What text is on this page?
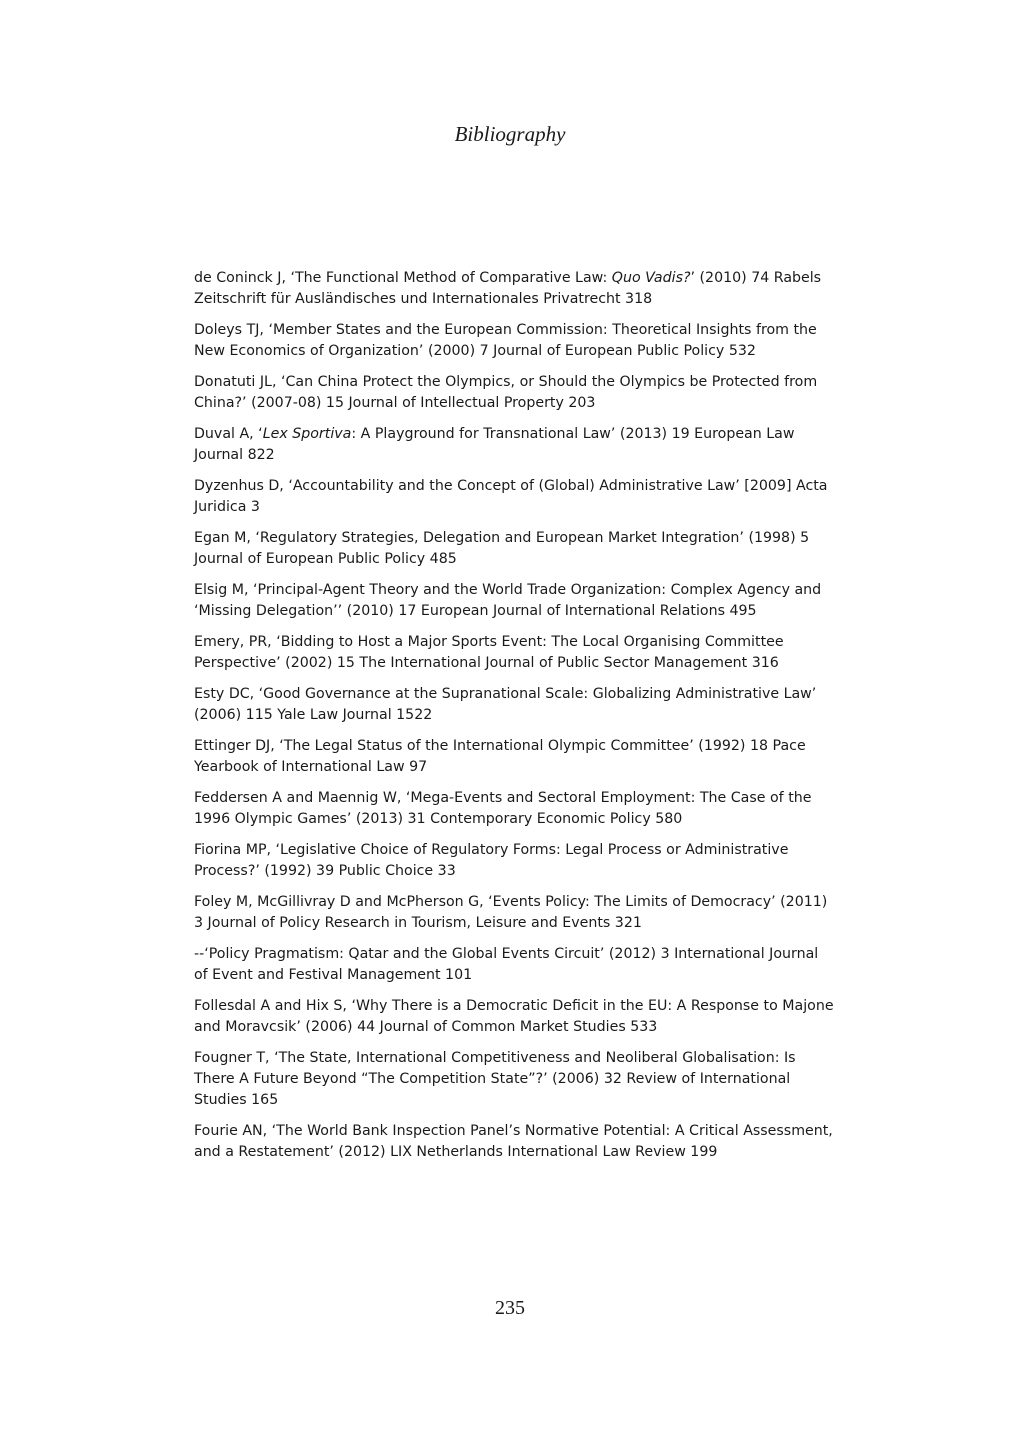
Bibliography

de Coninck J, ‘The Functional Method of Comparative Law: Quo Vadis?’ (2010) 74 Rabels Zeitschrift für Ausländisches und Internationales Privatrecht 318

Doleys TJ, ‘Member States and the European Commission: Theoretical Insights from the New Economics of Organization’ (2000) 7 Journal of European Public Policy 532

Donatuti JL, ‘Can China Protect the Olympics, or Should the Olympics be Protected from China?’ (2007-08) 15 Journal of Intellectual Property 203

Duval A, ‘Lex Sportiva: A Playground for Transnational Law’ (2013) 19 European Law Journal 822

Dyzenhus D, ‘Accountability and the Concept of (Global) Administrative Law’ [2009] Acta Juridica 3

Egan M, ‘Regulatory Strategies, Delegation and European Market Integration’ (1998) 5 Journal of European Public Policy 485

Elsig M, ‘Principal-Agent Theory and the World Trade Organization: Complex Agency and ‘Missing Delegation’’ (2010) 17 European Journal of International Relations 495

Emery, PR, ‘Bidding to Host a Major Sports Event: The Local Organising Committee Perspective’ (2002) 15 The International Journal of Public Sector Management 316

Esty DC, ‘Good Governance at the Supranational Scale: Globalizing Administrative Law’ (2006) 115 Yale Law Journal 1522

Ettinger DJ, ‘The Legal Status of the International Olympic Committee’ (1992) 18 Pace Yearbook of International Law 97

Feddersen A and Maennig W, ‘Mega-Events and Sectoral Employment: The Case of the 1996 Olympic Games’ (2013) 31 Contemporary Economic Policy 580

Fiorina MP, ‘Legislative Choice of Regulatory Forms: Legal Process or Administrative Process?’ (1992) 39 Public Choice 33

Foley M, McGillivray D and McPherson G, ‘Events Policy: The Limits of Democracy’ (2011) 3 Journal of Policy Research in Tourism, Leisure and Events 321

--‘Policy Pragmatism: Qatar and the Global Events Circuit’ (2012) 3 International Journal of Event and Festival Management 101

Follesdal A and Hix S, ‘Why There is a Democratic Deficit in the EU: A Response to Majone and Moravcsik’ (2006) 44 Journal of Common Market Studies 533

Fougner T, ‘The State, International Competitiveness and Neoliberal Globalisation: Is There A Future Beyond “The Competition State”?’ (2006) 32 Review of International Studies 165

Fourie AN, ‘The World Bank Inspection Panel’s Normative Potential: A Critical Assessment, and a Restatement’ (2012) LIX Netherlands International Law Review 199

235
